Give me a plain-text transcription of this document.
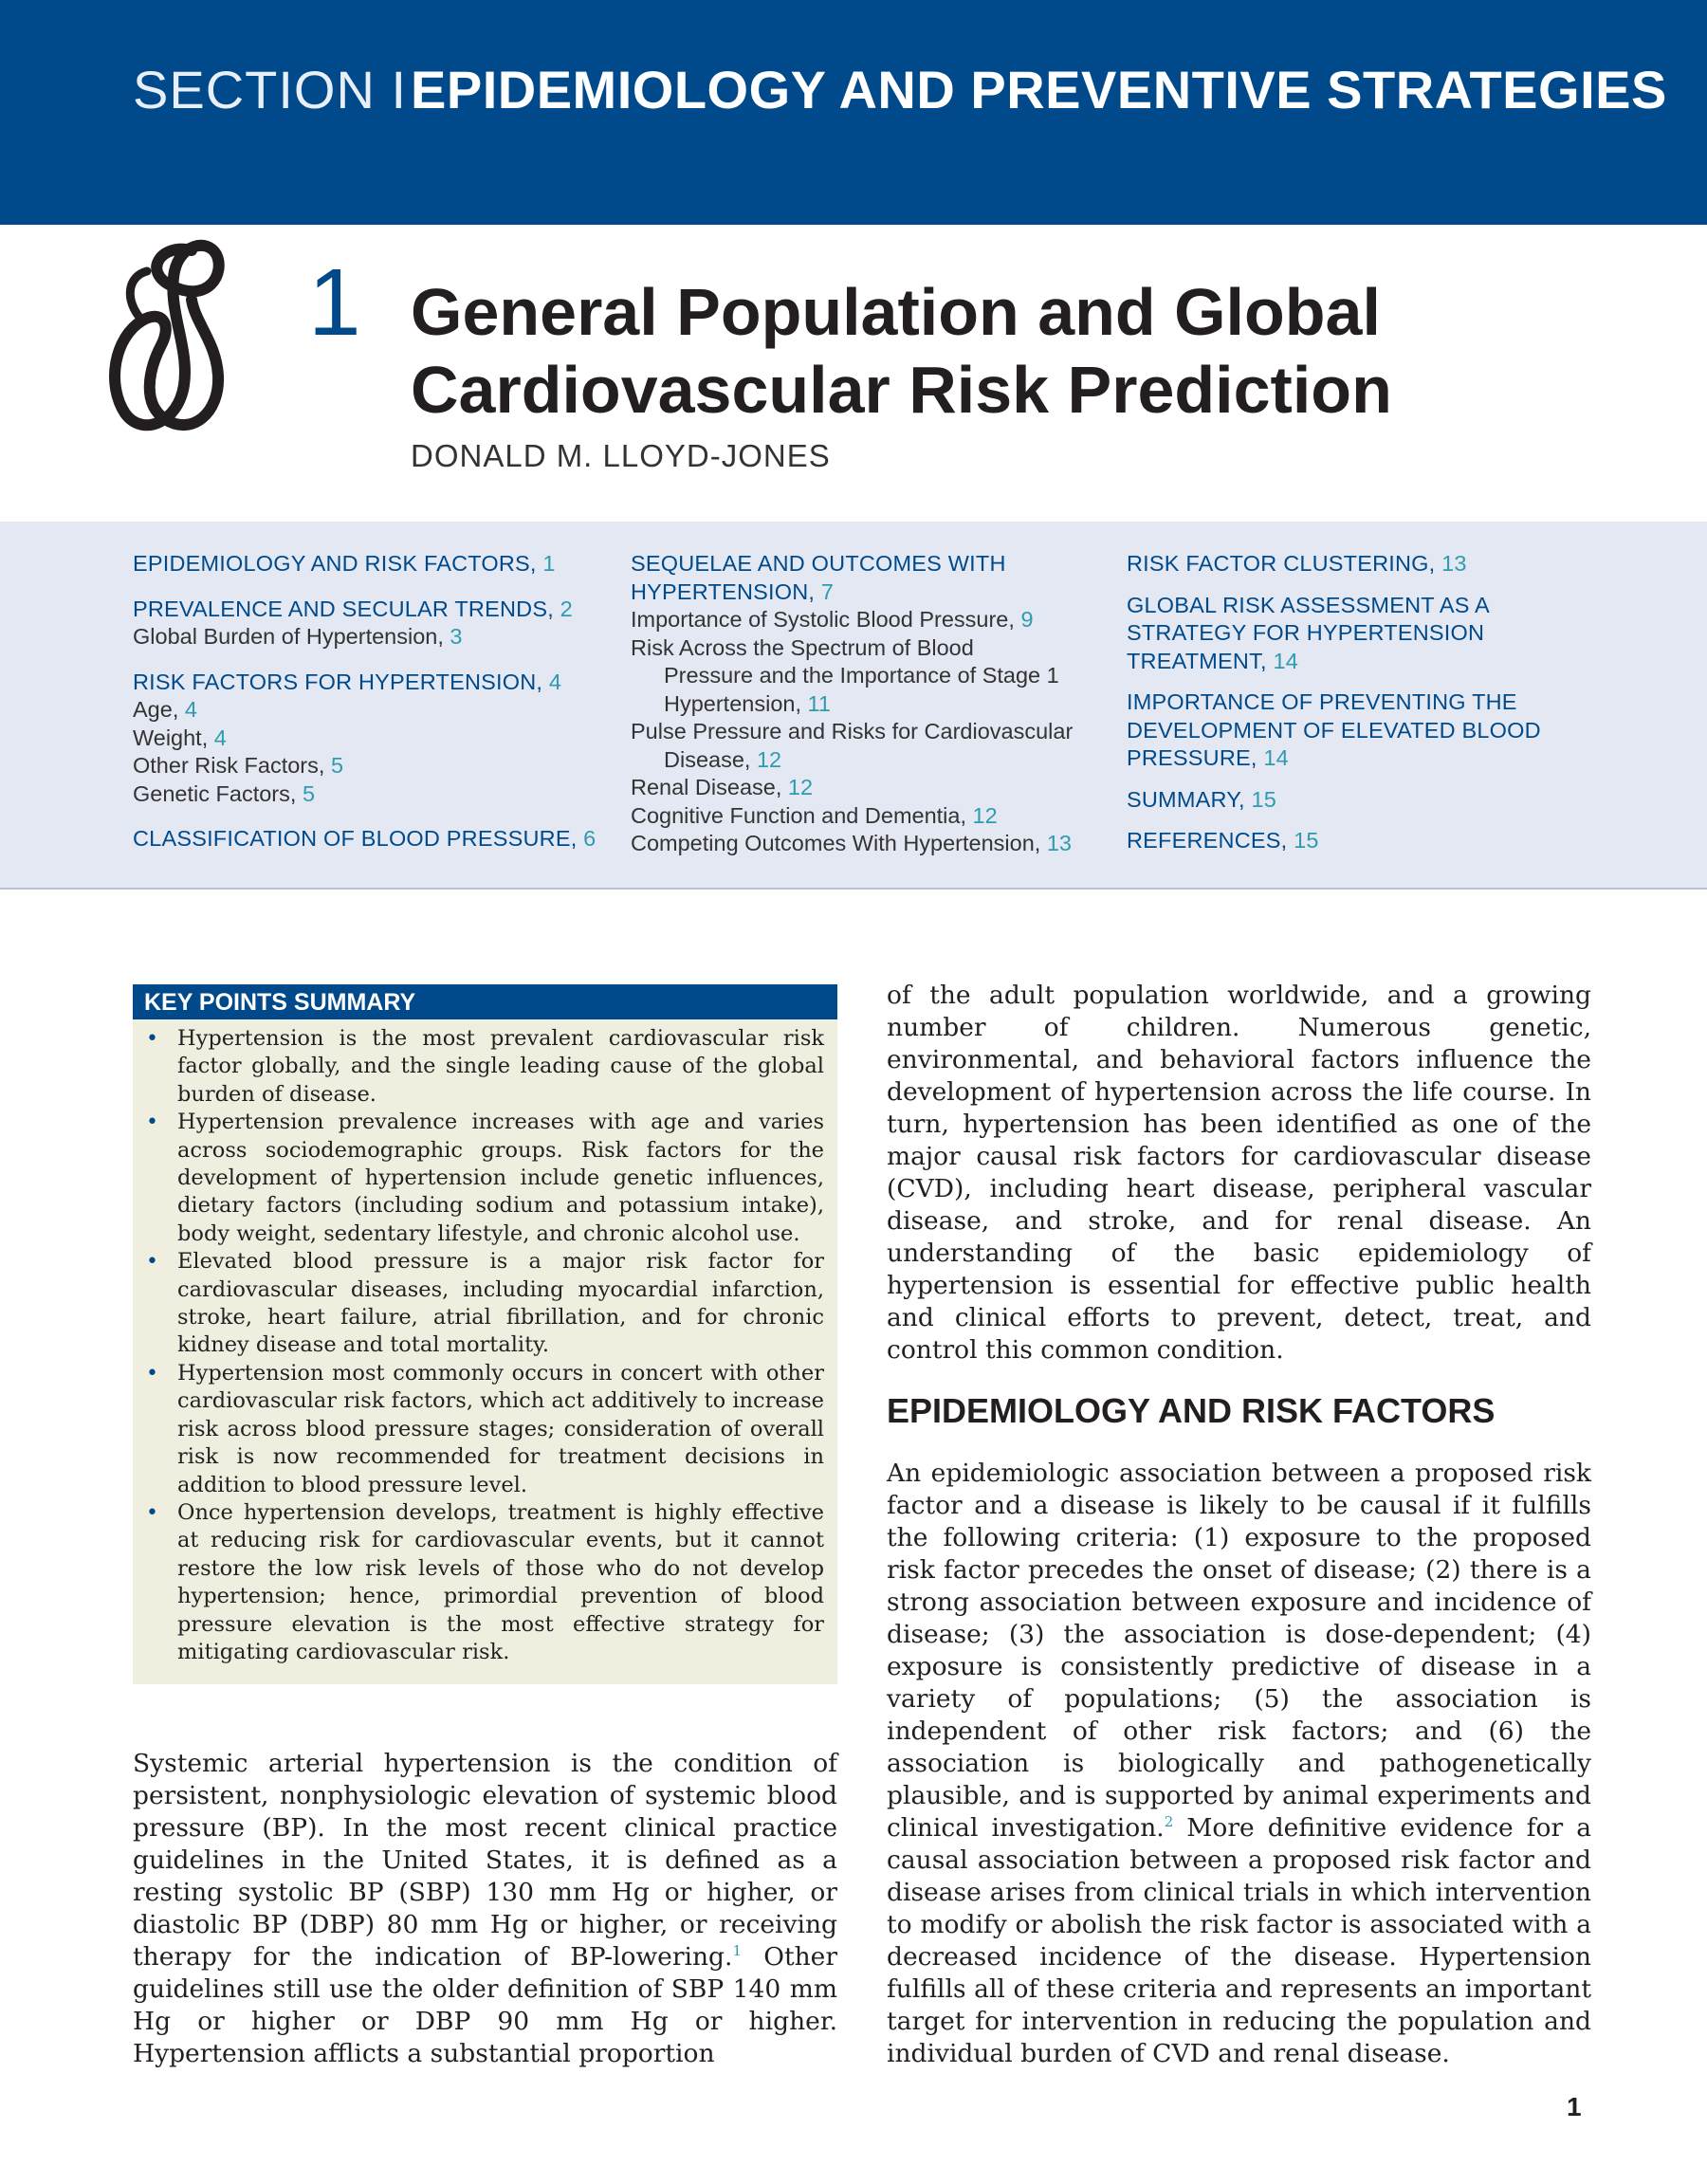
SECTION I EPIDEMIOLOGY AND PREVENTIVE STRATEGIES
1 General Population and Global
Cardiovascular Risk Prediction
DONALD M. LLOYD-JONES
EPIDEMIOLOGY AND RISK FACTORS, 1
PREVALENCE AND SECULAR TRENDS, 2
Global Burden of Hypertension, 3
RISK FACTORS FOR HYPERTENSION, 4
Age, 4
Weight, 4
Other Risk Factors, 5
Genetic Factors, 5
CLASSIFICATION OF BLOOD PRESSURE, 6
SEQUELAE AND OUTCOMES WITH
HYPERTENSION, 7
Importance of Systolic Blood Pressure, 9
Risk Across the Spectrum of Blood
Pressure and the Importance of Stage 1
Hypertension, 11
Pulse Pressure and Risks for Cardiovascular
Disease, 12
Renal Disease, 12
Cognitive Function and Dementia, 12
Competing Outcomes With Hypertension, 13
RISK FACTOR CLUSTERING, 13
GLOBAL RISK ASSESSMENT AS A
STRATEGY FOR HYPERTENSION
TREATMENT, 14
IMPORTANCE OF PREVENTING THE
DEVELOPMENT OF ELEVATED BLOOD
PRESSURE, 14
SUMMARY, 15
REFERENCES, 15
KEY POINTS SUMMARY
• Hypertension is the most prevalent cardiovascular risk factor globally, and the single leading cause of the global burden of disease.
• Hypertension prevalence increases with age and varies across sociodemographic groups. Risk factors for the development of hypertension include genetic influences, dietary factors (including sodium and potassium intake), body weight, sedentary lifestyle, and chronic alcohol use.
• Elevated blood pressure is a major risk factor for cardiovascular diseases, including myocardial infarction, stroke, heart failure, atrial fibrillation, and for chronic kidney disease and total mortality.
• Hypertension most commonly occurs in concert with other cardiovascular risk factors, which act additively to increase risk across blood pressure stages; consideration of overall risk is now recommended for treatment decisions in addition to blood pressure level.
• Once hypertension develops, treatment is highly effective at reducing risk for cardiovascular events, but it cannot restore the low risk levels of those who do not develop hypertension; hence, primordial prevention of blood pressure elevation is the most effective strategy for mitigating cardiovascular risk.
Systemic arterial hypertension is the condition of persistent, nonphysiologic elevation of systemic blood pressure (BP). In the most recent clinical practice guidelines in the United States, it is defined as a resting systolic BP (SBP) 130 mm Hg or higher, or diastolic BP (DBP) 80 mm Hg or higher, or receiving therapy for the indication of BP-lowering.$^1$ Other guidelines still use the older definition of SBP 140 mm Hg or higher or DBP 90 mm Hg or higher. Hypertension afflicts a substantial proportion
of the adult population worldwide, and a growing number of children. Numerous genetic, environmental, and behavioral factors influence the development of hypertension across the life course. In turn, hypertension has been identified as one of the major causal risk factors for cardiovascular disease (CVD), including heart disease, peripheral vascular disease, and stroke, and for renal disease. An understanding of the basic epidemiology of hypertension is essential for effective public health and clinical efforts to prevent, detect, treat, and control this common condition.
EPIDEMIOLOGY AND RISK FACTORS
An epidemiologic association between a proposed risk factor and a disease is likely to be causal if it fulfills the following criteria: (1) exposure to the proposed risk factor precedes the onset of disease; (2) there is a strong association between exposure and incidence of disease; (3) the association is dose-dependent; (4) exposure is consistently predictive of disease in a variety of populations; (5) the association is independent of other risk factors; and (6) the association is biologically and pathogenetically plausible, and is supported by animal experiments and clinical investigation.$^2$ More definitive evidence for a causal association between a proposed risk factor and disease arises from clinical trials in which intervention to modify or abolish the risk factor is associated with a decreased incidence of the disease. Hypertension fulfills all of these criteria and represents an important target for intervention in reducing the population and individual burden of CVD and renal disease.
1
